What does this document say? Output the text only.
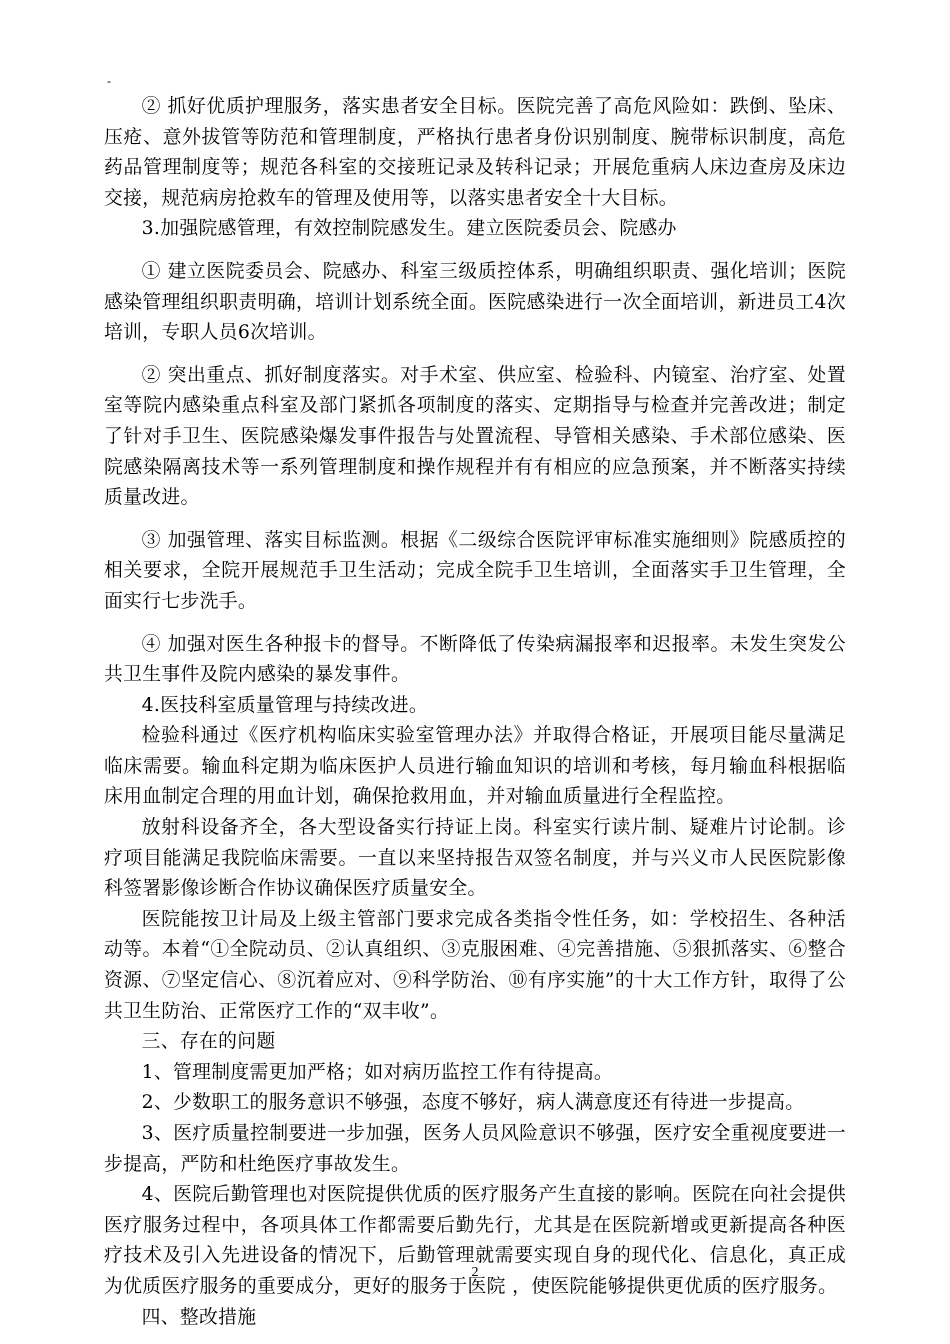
-

② 抓好优质护理服务，落实患者安全目标。医院完善了高危风险如：跌倒、坠床、压疮、意外拔管等防范和管理制度，严格执行患者身份识别制度、腕带标识制度，高危药品管理制度等；规范各科室的交接班记录及转科记录；开展危重病人床边查房及床边交接，规范病房抢救车的管理及使用等，以落实患者安全十大目标。

3.加强院感管理，有效控制院感发生。建立医院委员会、院感办

① 建立医院委员会、院感办、科室三级质控体系，明确组织职责、强化培训；医院感染管理组织职责明确，培训计划系统全面。医院感染进行一次全面培训，新进员工4次培训，专职人员6次培训。

② 突出重点、抓好制度落实。对手术室、供应室、检验科、内镜室、治疗室、处置室等院内感染重点科室及部门紧抓各项制度的落实、定期指导与检查并完善改进；制定了针对手卫生、医院感染爆发事件报告与处置流程、导管相关感染、手术部位感染、医院感染隔离技术等一系列管理制度和操作规程并有有相应的应急预案，并不断落实持续质量改进。

③ 加强管理、落实目标监测。根据《二级综合医院评审标准实施细则》院感质控的相关要求，全院开展规范手卫生活动；完成全院手卫生培训，全面落实手卫生管理，全面实行七步洗手。

④ 加强对医生各种报卡的督导。不断降低了传染病漏报率和迟报率。未发生突发公共卫生事件及院内感染的暴发事件。

4.医技科室质量管理与持续改进。

检验科通过《医疗机构临床实验室管理办法》并取得合格证，开展项目能尽量满足临床需要。输血科定期为临床医护人员进行输血知识的培训和考核，每月输血科根据临床用血制定合理的用血计划，确保抢救用血，并对输血质量进行全程监控。

放射科设备齐全，各大型设备实行持证上岗。科室实行读片制、疑难片讨论制。诊疗项目能满足我院临床需要。一直以来坚持报告双签名制度，并与兴义市人民医院影像科签署影像诊断合作协议确保医疗质量安全。

医院能按卫计局及上级主管部门要求完成各类指令性任务，如：学校招生、各种活动等。本着“①全院动员、②认真组织、③克服困难、④完善措施、⑤狠抓落实、⑥整合资源、⑦坚定信心、⑧沉着应对、⑨科学防治、⑩有序实施”的十大工作方针，取得了公共卫生防治、正常医疗工作的“双丰收”。

三、存在的问题

1、管理制度需更加严格；如对病历监控工作有待提高。

2、少数职工的服务意识不够强，态度不够好，病人满意度还有待进一步提高。

3、医疗质量控制要进一步加强，医务人员风险意识不够强，医疗安全重视度要进一步提高，严防和杜绝医疗事故发生。

4、医院后勤管理也对医院提供优质的医疗服务产生直接的影响。医院在向社会提供医疗服务过程中，各项具体工作都需要后勤先行，尤其是在医院新增或更新提高各种医疗技术及引入先进设备的情况下，后勤管理就需要实现自身的现代化、信息化，真正成为优质医疗服务的重要成分，更好的服务于医院 ，使医院能够提供更优质的医疗服务。

四、整改措施

2
